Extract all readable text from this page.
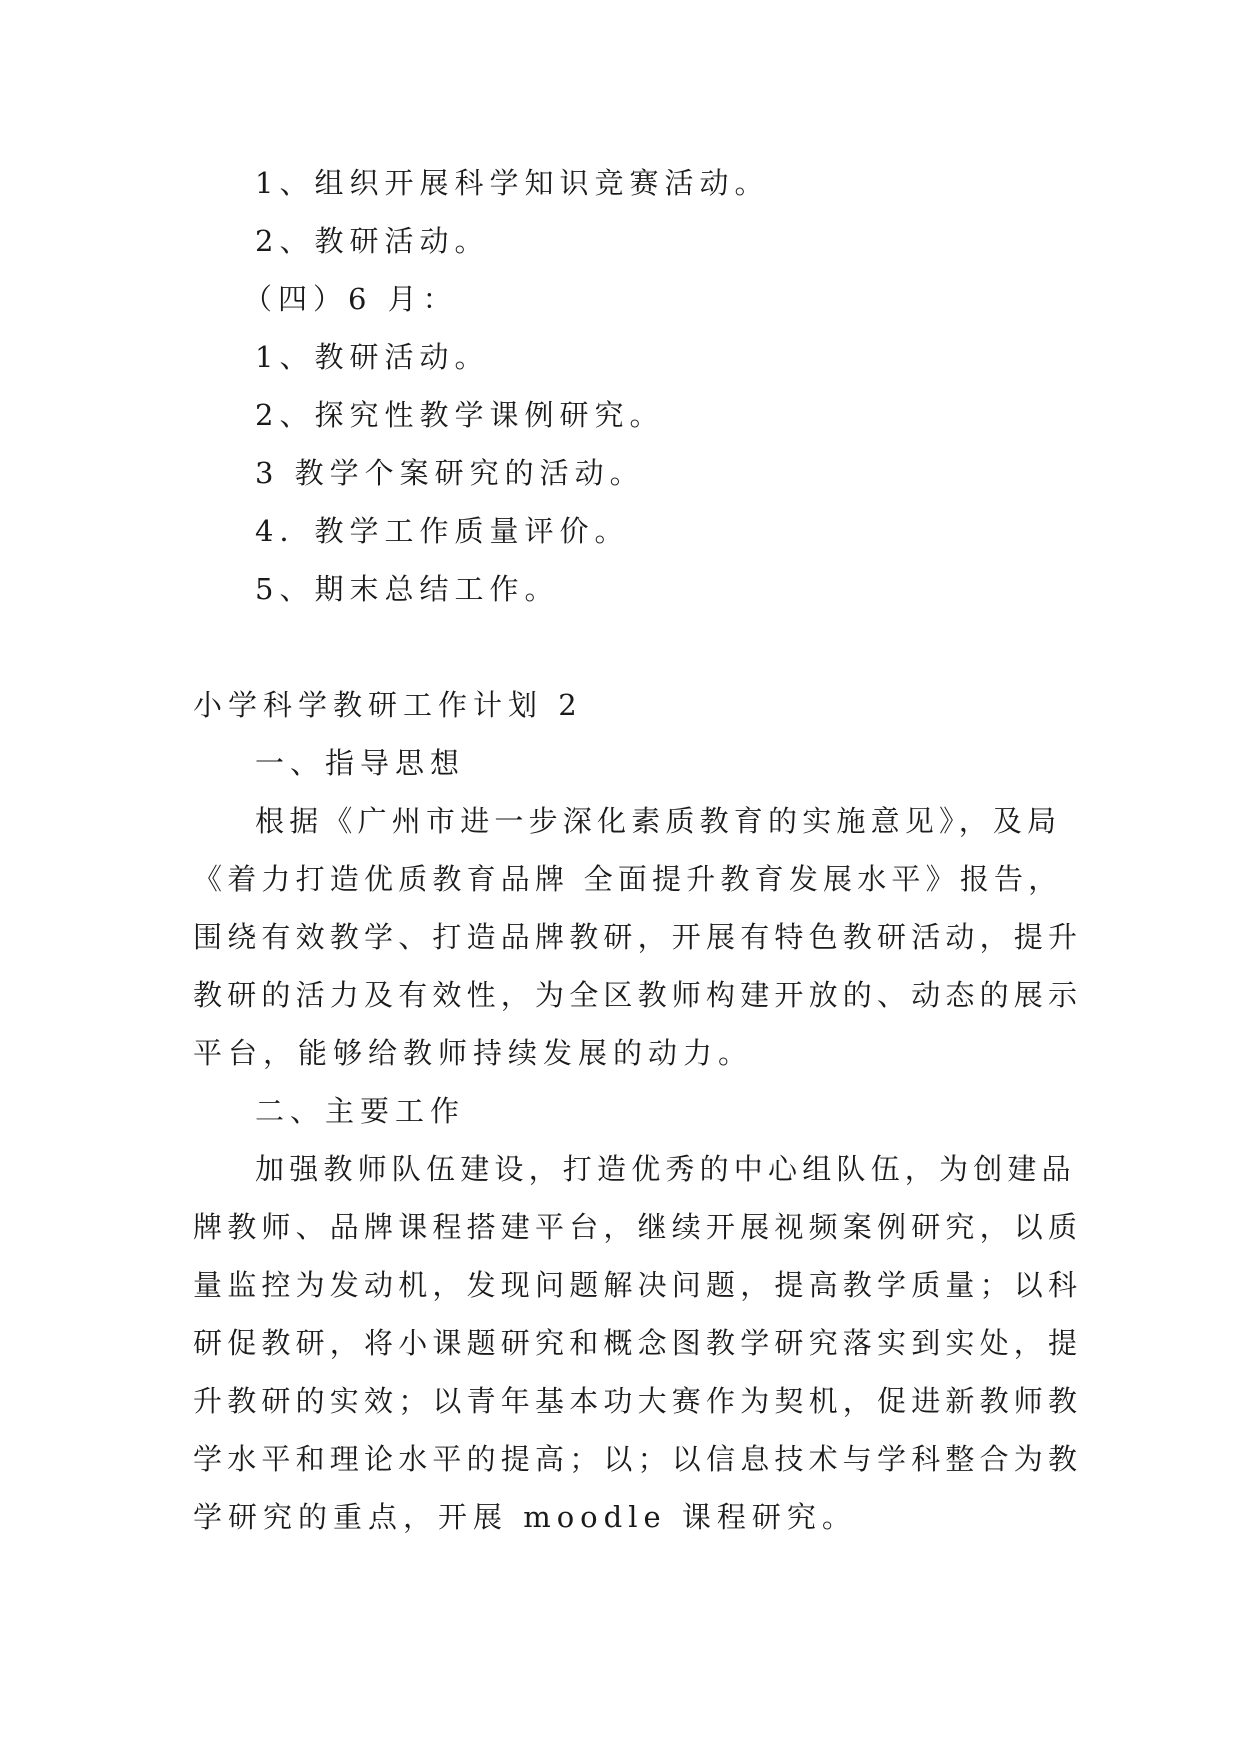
1、组织开展科学知识竞赛活动。
2、教研活动。
（四）6 月：
1、教研活动。
2、探究性教学课例研究。
3 教学个案研究的活动。
4．教学工作质量评价。
5、期末总结工作。
小学科学教研工作计划 2
一、指导思想
根据《广州市进一步深化素质教育的实施意见》，及局
《着力打造优质教育品牌 全面提升教育发展水平》报告，
围绕有效教学、打造品牌教研，开展有特色教研活动，提升
教研的活力及有效性，为全区教师构建开放的、动态的展示
平台，能够给教师持续发展的动力。
二、主要工作
加强教师队伍建设，打造优秀的中心组队伍，为创建品
牌教师、品牌课程搭建平台，继续开展视频案例研究，以质
量监控为发动机，发现问题解决问题，提高教学质量；以科
研促教研，将小课题研究和概念图教学研究落实到实处，提
升教研的实效；以青年基本功大赛作为契机，促进新教师教
学水平和理论水平的提高；以；以信息技术与学科整合为教
学研究的重点，开展 moodle 课程研究。
